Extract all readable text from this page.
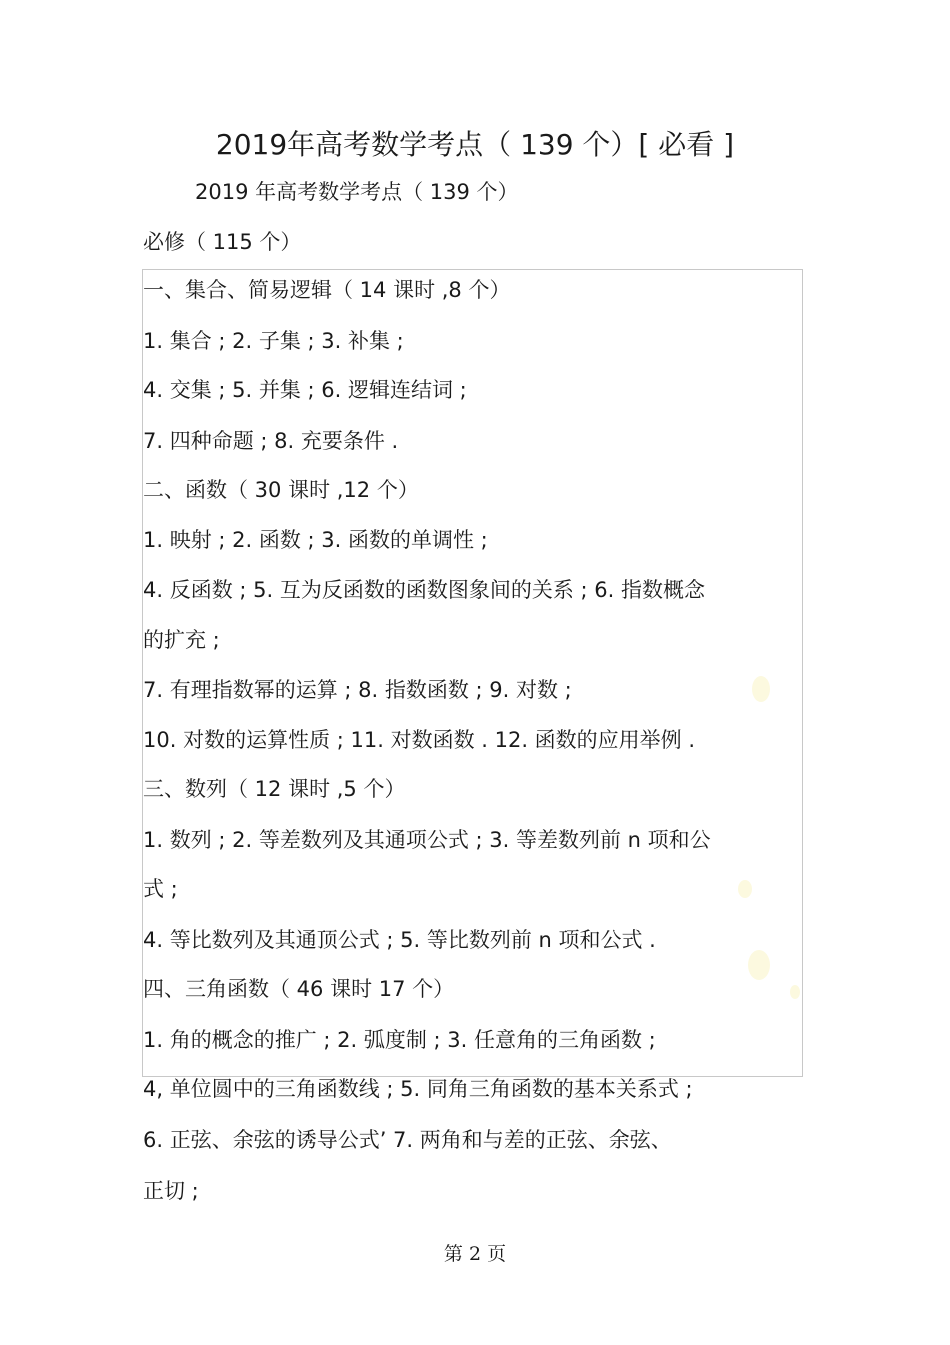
2019年高考数学考点（ 139 个）[ 必看 ]
2019 年高考数学考点（ 139 个）
必修（ 115 个）
一、集合、简易逻辑（ 14 课时 ,8 个）
1. 集合 ; 2. 子集 ; 3. 补集 ;
4. 交集 ; 5. 并集 ; 6. 逻辑连结词 ;
7. 四种命题 ; 8. 充要条件 .
二、函数（ 30 课时 ,12 个）
1. 映射 ; 2. 函数 ; 3. 函数的单调性 ;
4. 反函数 ; 5. 互为反函数的函数图象间的关系 ; 6. 指数概念
的扩充 ;
7. 有理指数幂的运算 ; 8. 指数函数 ; 9. 对数 ;
10. 对数的运算性质 ; 11. 对数函数 . 12. 函数的应用举例 .
三、数列（ 12 课时 ,5 个）
1. 数列 ; 2. 等差数列及其通项公式 ; 3. 等差数列前 n 项和公
式 ;
4. 等比数列及其通顶公式 ; 5. 等比数列前 n 项和公式 .
四、三角函数（ 46 课时 17 个）
1. 角的概念的推广 ; 2. 弧度制 ; 3. 任意角的三角函数 ;
4, 单位圆中的三角函数线 ; 5. 同角三角函数的基本关系式 ;
6. 正弦、余弦的诱导公式’ 7. 两角和与差的正弦、余弦、
正切 ;
第 2 页
